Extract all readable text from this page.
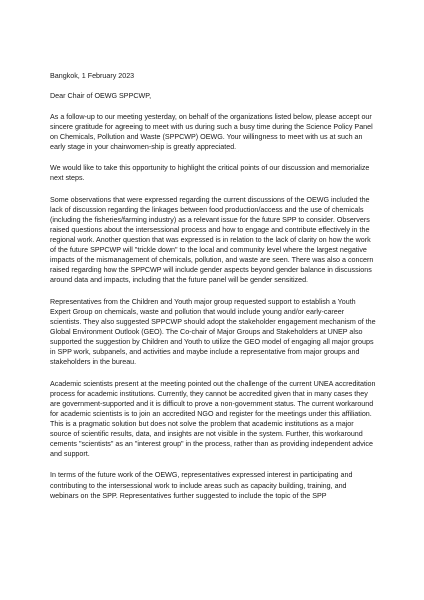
Bangkok, 1 February 2023

Dear Chair of OEWG SPPCWP,

As a follow-up to our meeting yesterday, on behalf of the organizations listed below, please accept our sincere gratitude for agreeing to meet with us during such a busy time during the Science Policy Panel on Chemicals, Pollution and Waste (SPPCWP) OEWG. Your willingness to meet with us at such an early stage in your chairwomen-ship is greatly appreciated.

We would like to take this opportunity to highlight the critical points of our discussion and memorialize next steps.

Some observations that were expressed regarding the current discussions of the OEWG included the lack of discussion regarding the linkages between food production/access and the use of chemicals (including the fisheries/farming industry) as a relevant issue for the future SPP to consider. Observers raised questions about the intersessional process and how to engage and contribute effectively in the regional work. Another question that was expressed is in relation to the lack of clarity on how the work of the future SPPCWP will "trickle down" to the local and community level where the largest negative impacts of the mismanagement of chemicals, pollution, and waste are seen. There was also a concern raised regarding how the SPPCWP will include gender aspects beyond gender balance in discussions around data and impacts, including that the future panel will be gender sensitized.

Representatives from the Children and Youth major group requested support to establish a Youth Expert Group on chemicals, waste and pollution that would include young and/or early-career scientists. They also suggested SPPCWP should adopt the stakeholder engagement mechanism of the Global Environment Outlook (GEO). The Co-chair of Major Groups and Stakeholders at UNEP also supported the suggestion by Children and Youth to utilize the GEO model of engaging all major groups in SPP work, subpanels, and activities and maybe include a representative from major groups and stakeholders in the bureau.

Academic scientists present at the meeting pointed out the challenge of the current UNEA accreditation process for academic institutions. Currently, they cannot be accredited given that in many cases they are government-supported and it is difficult to prove a non-government status. The current workaround for academic scientists is to join an accredited NGO and register for the meetings under this affiliation. This is a pragmatic solution but does not solve the problem that academic institutions as a major source of scientific results, data, and insights are not visible in the system. Further, this workaround cements "scientists" as an "interest group" in the process, rather than as providing independent advice and support.

In terms of the future work of the OEWG, representatives expressed interest in participating and contributing to the intersessional work to include areas such as capacity building, training, and webinars on the SPP. Representatives further suggested to include the topic of the SPP
